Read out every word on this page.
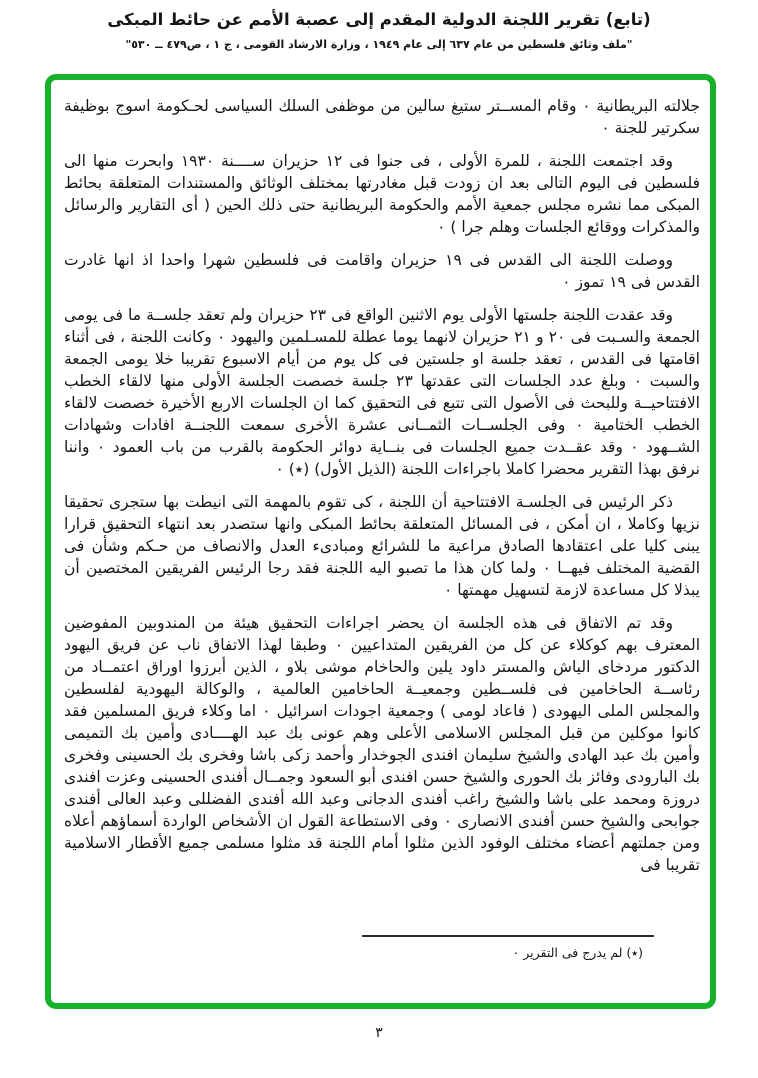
(تابع) تقرير اللجنة الدولية المقدم إلى عصبة الأمم عن حائط المبكى
"ملف وثائق فلسطين من عام ٦٣٧ إلى عام ١٩٤٩ ، وزارة الارشاد القومى ، ج ١ ، ص٤٧٩ ــ ٥٣٠"

جلالته البريطانية ٠ وقام المســتر ستيغ سالين من موظفى السلك السياسى لحـكومة اسوج بوظيفة سكرتير للجنة ٠

وقد اجتمعت اللجنة ، للمرة الأولى ، فى جنوا فى ١٢ حزيران ســــنة ١٩٣٠ وابحرت منها الى فلسطين فى اليوم التالى بعد ان زودت قبل مغادرتها بمختلف الوثائق والمستندات المتعلقة بحائط المبكى مما نشره مجلس جمعية الأمم والحكومة البريطانية حتى ذلك الحين ( أى التقارير والرسائل والمذكرات ووقائع الجلسات وهلم جرا ) ٠

ووصلت اللجنة الى القدس فى ١٩ حزيران واقامت فى فلسطين شهرا واحدا اذ انها غادرت القدس فى ١٩ تموز ٠

وقد عقدت اللجنة جلستها الأولى يوم الاثنين الواقع فى ٢٣ حزيران ولم تعقد جلســة ما فى يومى الجمعة والسـبت فى ٢٠ و ٢١ حزيران لانهما يوما عطلة للمسـلمين واليهود ٠ وكانت اللجنة ، فى أثناء اقامتها فى القدس ، تعقد جلسة او جلستين فى كل يوم من أيام الاسبوع تقريبا خلا يومى الجمعة والسبت ٠ وبلغ عدد الجلسات التى عقدتها ٢٣ جلسة خصصت الجلسة الأولى منها لالقاء الخطب الافتتاحيــة وللبحث فى الأصول التى تتبع فى التحقيق كما ان الجلسات الاربع الأخيرة خصصت لالقاء الخطب الختامية ٠ وفى الجلســات الثمــانى عشرة الأخرى سمعت اللجنــة افادات وشهادات الشــهود ٠ وقد عقــدت جميع الجلسات فى بنــاية دوائر الحكومة بالقرب من باب العمود ٠ واننا نرفق بهذا التقرير محضرا كاملا باجراءات اللجنة (الذيل الأول) (٭) ٠

ذكر الرئيس فى الجلسـة الافتتاحية أن اللجنة ، كى تقوم بالمهمة التى انيطت بها ستجرى تحقيقا نزيها وكاملا ، ان أمكن ، فى المسائل المتعلقة بحائط المبكى وانها ستصدر بعد انتهاء التحقيق قرارا يبنى كليا على اعتقادها الصادق مراعية ما للشرائع ومبادىء العدل والانصاف من حـكم وشأن فى القضية المختلف فيهــا ٠ ولما كان هذا ما تصبو اليه اللجنة فقد رجا الرئيس الفريقين المختصين أن يبذلا كل مساعدة لازمة لتسهيل مهمتها ٠

وقد تم الاتفاق فى هذه الجلسة ان يحضر اجراءات التحقيق هيئة من المندوبين المفوضين المعترف بهم كوكلاء عن كل من الفريقين المتداعيين ٠ وطبقا لهذا الاتفاق ناب عن فريق اليهود الدكتور مردخاى الياش والمستر داود يلين والحاخام موشى بلاو ، الذين أبرزوا اوراق اعتمــاد من رئاســة الحاخامين فى فلســطين وجمعيــة الحاخامين العالمية ، والوكالة اليهودية لفلسطين والمجلس الملى اليهودى ( فاعاد لومى ) وجمعية اجودات اسرائيل ٠ اما وكلاء فريق المسلمين فقد كانوا موكلين من قبل المجلس الاسلامى الأعلى وهم عونى بك عبد الهــــادى وأمين بك التميمى وأمين بك عبد الهادى والشيخ سليمان افندى الجوخدار وأحمد زكى باشا وفخرى بك الحسينى وفخرى بك البارودى وفائز بك الحورى والشيخ حسن افندى أبو السعود وجمــال أفندى الحسينى وعزت افندى دروزة ومحمد على باشا والشيخ راغب أفندى الدجانى وعبد الله أفندى الفضللى وعبد العالى أفندى جوابحى والشيخ حسن أفندى الانصارى ٠ وفى الاستطاعة القول ان الأشخاص الواردة أسماؤهم أعلاه ومن جملتهم أعضاء مختلف الوفود الذين مثلوا أمام اللجنة قد مثلوا مسلمى جميع الأقطار الاسلامية تقريبا فى

(٭) لم يدرج فى التقرير ٠

٣
